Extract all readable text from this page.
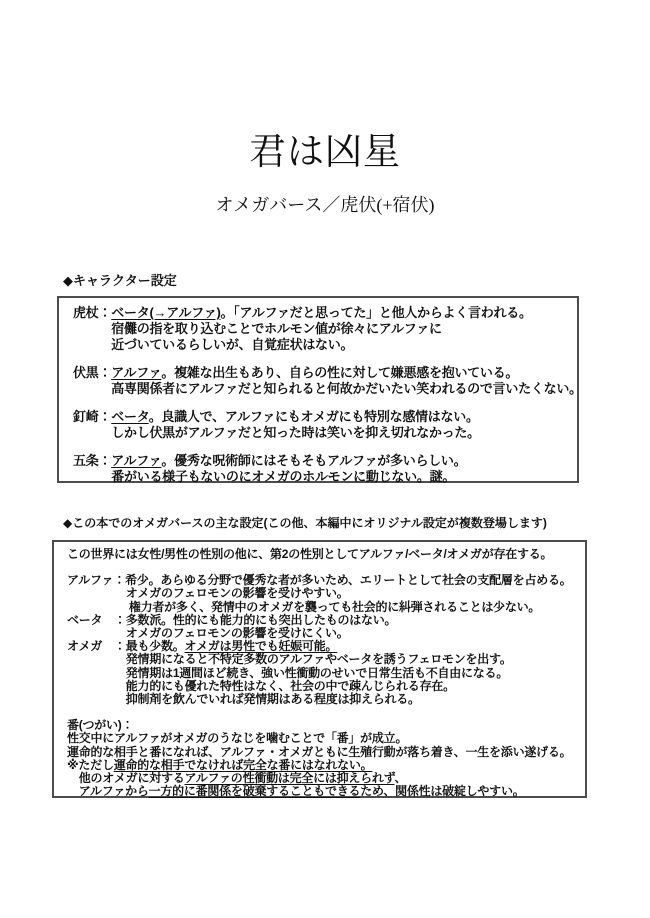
君は凶星
オメガバース／虎伏(+宿伏)
◆キャラクター設定
虎杖：ベータ(→アルファ)。「アルファだと思ってた」と他人からよく言われる。
　　　宿儺の指を取り込むことでホルモン値が徐々にアルファに
　　　近づいているらしいが、自覚症状はない。
伏黒：アルファ。複雑な出生もあり、自らの性に対して嫌悪感を抱いている。
　　　高専関係者にアルファだと知られると何故かだいたい笑われるので言いたくない。
釘崎：ベータ。良識人で、アルファにもオメガにも特別な感情はない。
　　　しかし伏黒がアルファだと知った時は笑いを抑え切れなかった。
五条：アルファ。優秀な呪術師にはそもそもアルファが多いらしい。
　　　番がいる様子もないのにオメガのホルモンに動じない。謎。
◆この本でのオメガバースの主な設定(この他、本編中にオリジナル設定が複数登場します)
この世界には女性/男性の性別の他に、第2の性別としてアルファ/ベータ/オメガが存在する。
アルファ：希少。あらゆる分野で優秀な者が多いため、エリートとして社会の支配層を占める。
　　　　　オメガのフェロモンの影響を受けやすい。
　　　　　 権力者が多く、発情中のオメガを襲っても社会的に糾弾されることは少ない。
ベータ　：多数派。性的にも能力的にも突出したものはない。
　　　　　オメガのフェロモンの影響を受けにくい。
オメガ　：最も少数。オメガは男性でも妊娠可能。
　　　　　発情期になると不特定多数のアルファやベータを誘うフェロモンを出す。
　　　　　発情期は1週間ほど続き、強い性衝動のせいで日常生活も不自由になる。
　　　　　能力的にも優れた特性はなく、社会の中で疎んじられる存在。
　　　　　抑制剤を飲んでいれば発情期はある程度は抑えられる。
番(つがい)：
性交中にアルファがオメガのうなじを噛むことで「番」が成立。
運命的な相手と番になれば、アルファ・オメガともに生殖行動が落ち着き、一生を添い遂げる。
※ただし運命的な相手でなければ完全な番にはなれない。
　他のオメガに対するアルファの性衝動は完全には抑えられず、
　アルファから一方的に番関係を破棄することもできるため、関係性は破綻しやすい。
